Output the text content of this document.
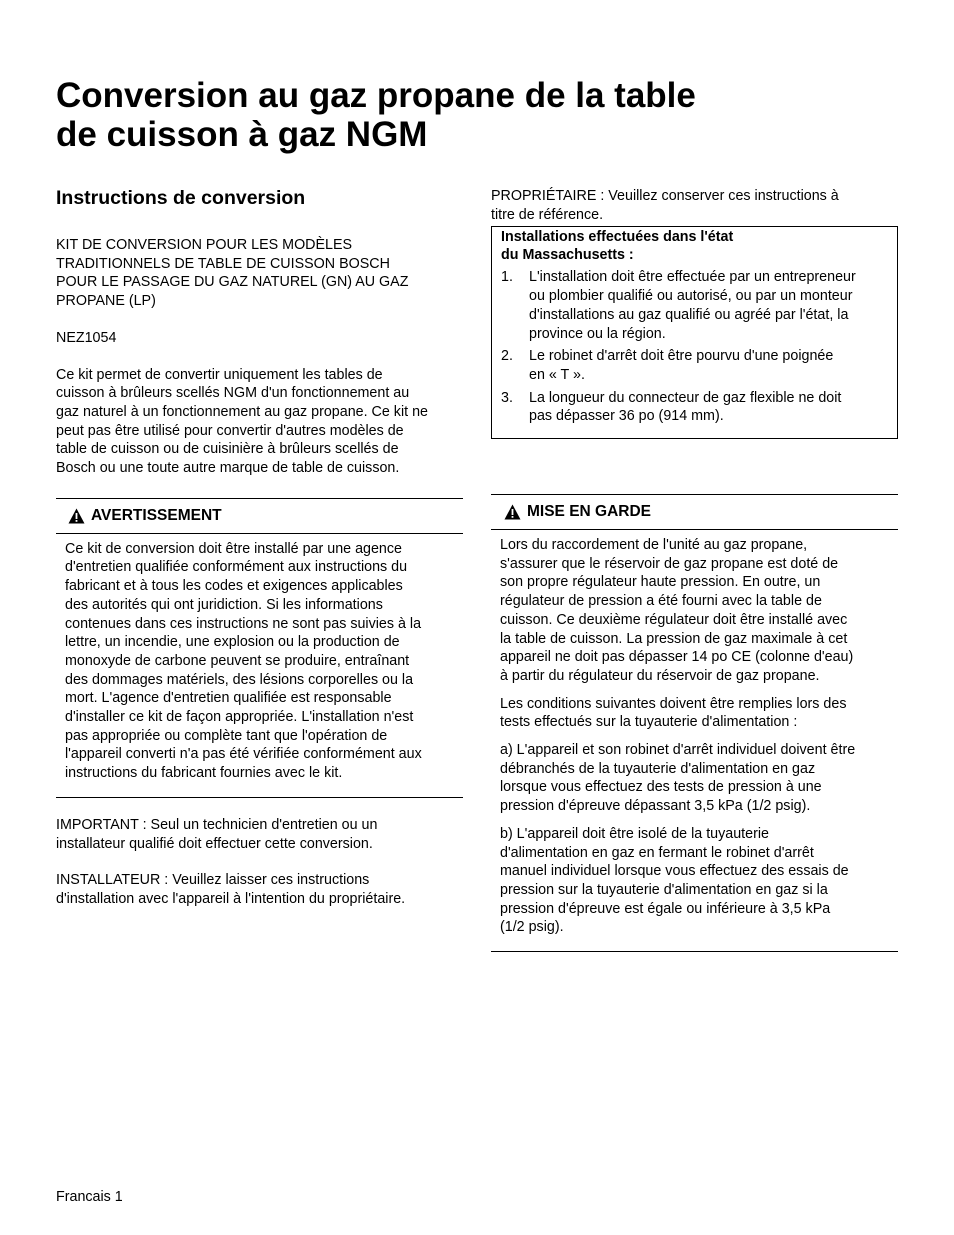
Conversion au gaz propane de la table
de cuisson à gaz NGM
Instructions de conversion

KIT DE CONVERSION POUR LES MODÈLES
TRADITIONNELS DE TABLE DE CUISSON BOSCH
POUR LE PASSAGE DU GAZ NATUREL (GN) AU GAZ
PROPANE (LP)

NEZ1054

Ce kit permet de convertir uniquement les tables de
cuisson à brûleurs scellés NGM d'un fonctionnement au
gaz naturel à un fonctionnement au gaz propane. Ce kit ne
peut pas être utilisé pour convertir d'autres modèles de
table de cuisson ou de cuisinière à brûleurs scellés de
Bosch ou une toute autre marque de table de cuisson.

AVERTISSEMENT

Ce kit de conversion doit être installé par une agence
d'entretien qualifiée conformément aux instructions du
fabricant et à tous les codes et exigences applicables
des autorités qui ont juridiction. Si les informations
contenues dans ces instructions ne sont pas suivies à la
lettre, un incendie, une explosion ou la production de
monoxyde de carbone peuvent se produire, entraînant
des dommages matériels, des lésions corporelles ou la
mort. L'agence d'entretien qualifiée est responsable
d'installer ce kit de façon appropriée. L'installation n'est
pas appropriée ou complète tant que l'opération de
l'appareil converti n'a pas été vérifiée conformément aux
instructions du fabricant fournies avec le kit.

IMPORTANT : Seul un technicien d'entretien ou un
installateur qualifié doit effectuer cette conversion.

INSTALLATEUR : Veuillez laisser ces instructions
d'installation avec l'appareil à l'intention du propriétaire.

PROPRIÉTAIRE : Veuillez conserver ces instructions à
titre de référence.

Installations effectuées dans l'état
du Massachusetts :
1.	L'installation doit être effectuée par un entrepreneur
ou plombier qualifié ou autorisé, ou par un monteur
d'installations au gaz qualifié ou agréé par l'état, la
province ou la région.
2.	Le robinet d'arrêt doit être pourvu d'une poignée
en « T ».
3.	La longueur du connecteur de gaz flexible ne doit
pas dépasser 36 po (914 mm).
MISE EN GARDE

Lors du raccordement de l'unité au gaz propane,
s'assurer que le réservoir de gaz propane est doté de
son propre régulateur haute pression. En outre, un
régulateur de pression a été fourni avec la table de
cuisson. Ce deuxième régulateur doit être installé avec
la table de cuisson. La pression de gaz maximale à cet
appareil ne doit pas dépasser 14 po CE (colonne d'eau)
à partir du régulateur du réservoir de gaz propane.

Les conditions suivantes doivent être remplies lors des
tests effectués sur la tuyauterie d'alimentation :

a) L'appareil et son robinet d'arrêt individuel doivent être
débranchés de la tuyauterie d'alimentation en gaz
lorsque vous effectuez des tests de pression à une
pression d'épreuve dépassant 3,5 kPa (1/2 psig).

b) L'appareil doit être isolé de la tuyauterie
d'alimentation en gaz en fermant le robinet d'arrêt
manuel individuel lorsque vous effectuez des essais de
pression sur la tuyauterie d'alimentation en gaz si la
pression d'épreuve est égale ou inférieure à 3,5 kPa
(1/2 psig).

Francais 1
